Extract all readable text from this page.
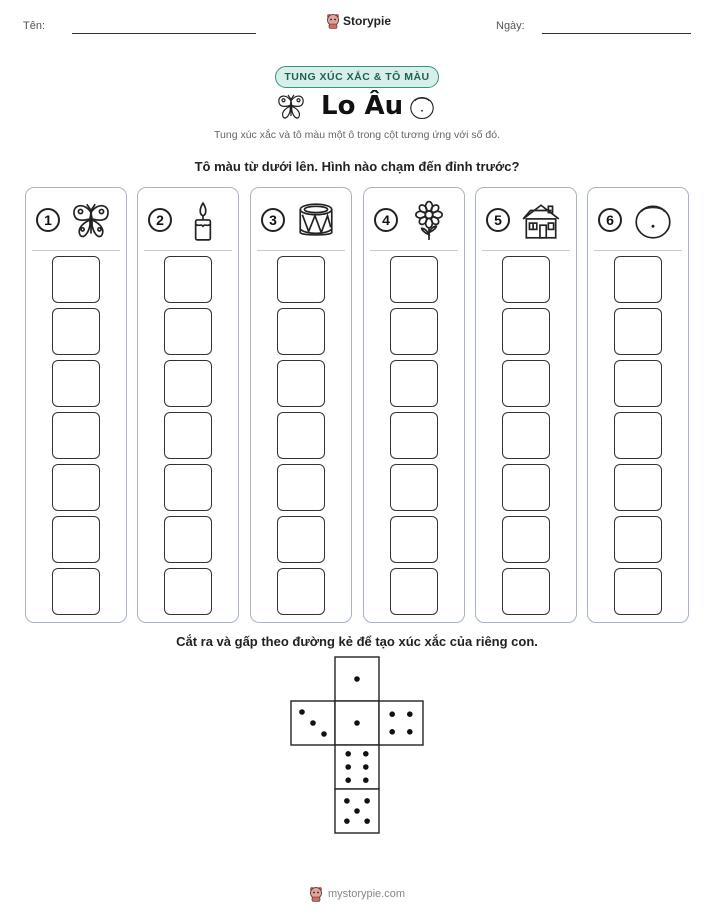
Tên:	Storypie	Ngày:
TUNG XÚC XẮC & TÔ MÀU
Lo Âu
Tung xúc xắc và tô màu một ô trong cột tương ứng với số đó.
Tô màu từ dưới lên. Hình nào chạm đến đỉnh trước?
1	2	3	4	5	6
Cắt ra và gấp theo đường kẻ để tạo xúc xắc của riêng con.
mystorypie.com
